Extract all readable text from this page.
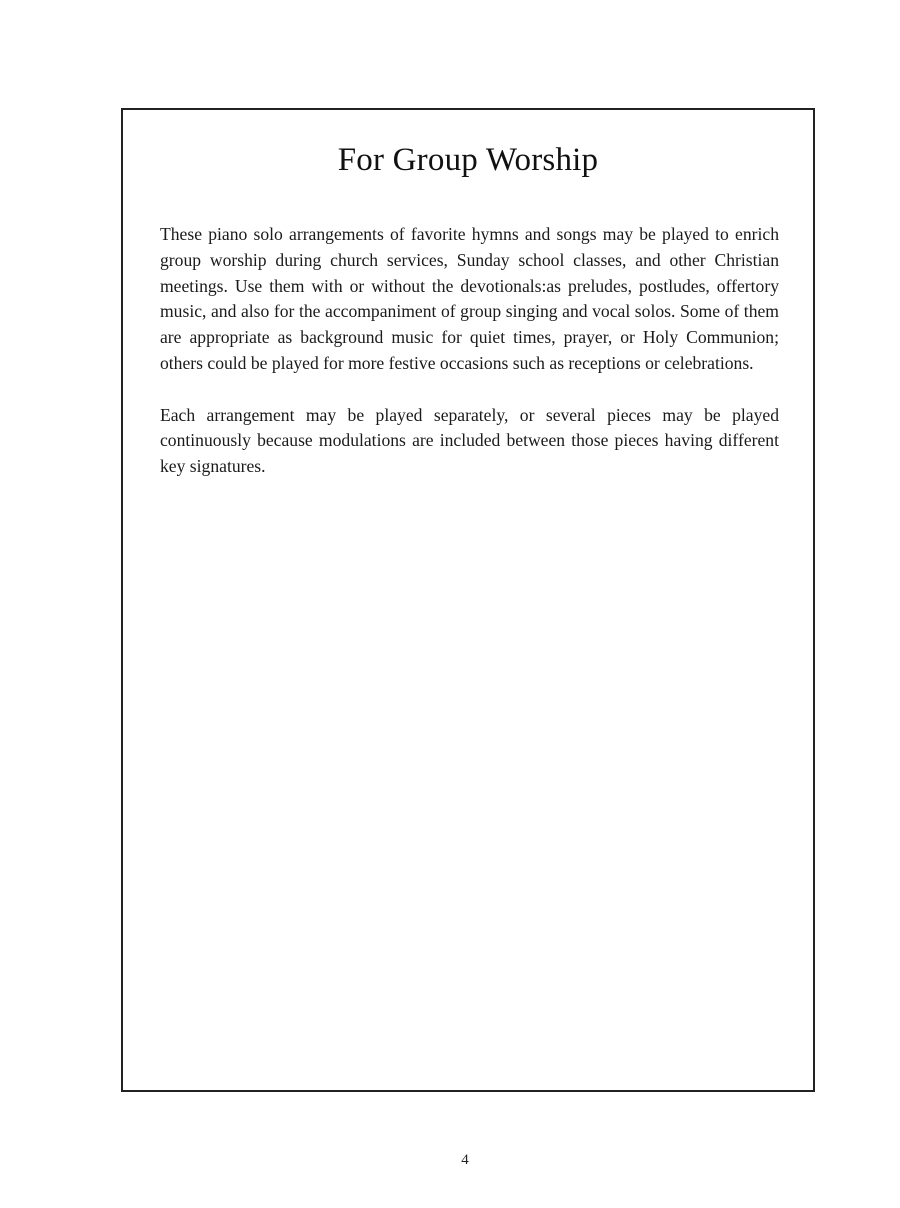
For Group Worship

These piano solo arrangements of favorite hymns and songs may be played to enrich group worship during church services, Sunday school classes, and other Christian meetings. Use them with or without the devotionals:as preludes, postludes, offertory music, and also for the accompaniment of group singing and vocal solos. Some of them are appropriate as background music for quiet times, prayer, or Holy Communion; others could be played for more festive occasions such as receptions or celebrations.

Each arrangement may be played separately, or several pieces may be played continuously because modulations are included between those pieces having different key signatures.

4
